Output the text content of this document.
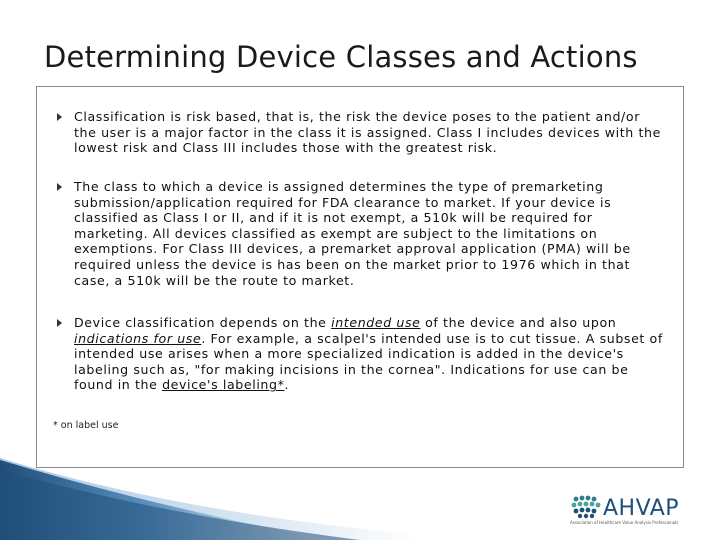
Determining Device Classes and Actions
Classification is risk based, that is, the risk the device poses to the patient and/or the user is a major factor in the class it is assigned. Class I includes devices with the lowest risk and Class III includes those with the greatest risk.
The class to which a device is assigned determines the type of premarketing submission/application required for FDA clearance to market. If your device is classified as Class I or II, and if it is not exempt, a 510k will be required for marketing. All devices classified as exempt are subject to the limitations on exemptions. For Class III devices, a premarket approval application (PMA) will be required unless the device is has been on the market prior to 1976 which in that case, a 510k will be the route to market.
Device classification depends on the intended use of the device and also upon indications for use. For example, a scalpel's intended use is to cut tissue. A subset of intended use arises when a more specialized indication is added in the device's labeling such as, "for making incisions in the cornea". Indications for use can be found in the device's labeling*.
* on label use
AHVAP
Association of Healthcare Value Analysis Professionals
